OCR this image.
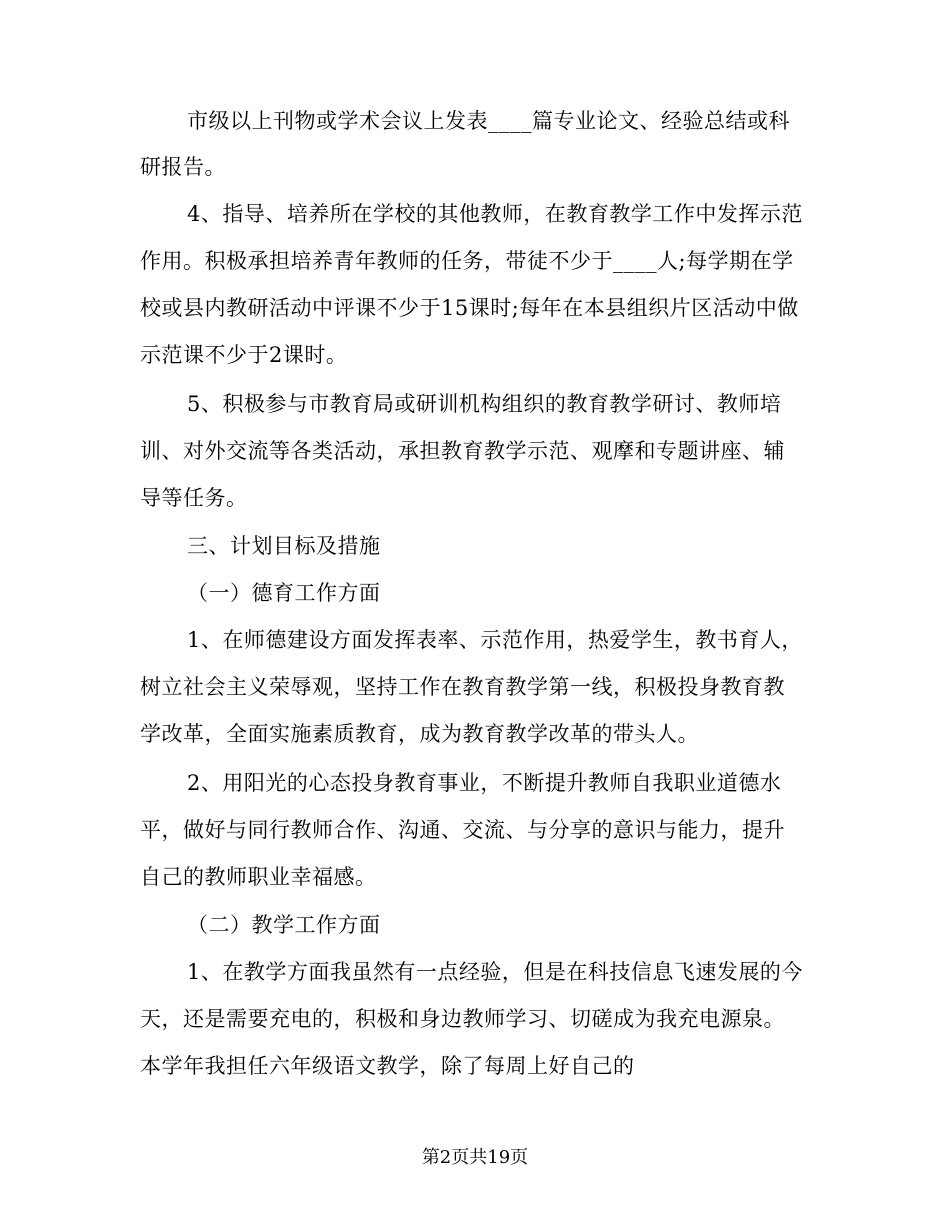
市级以上刊物或学术会议上发表____篇专业论文、经验总结或科
研报告。
4、指导、培养所在学校的其他教师，在教育教学工作中发挥示范
作用。积极承担培养青年教师的任务，带徒不少于____人;每学期在学
校或县内教研活动中评课不少于15课时;每年在本县组织片区活动中做
示范课不少于2课时。
5、积极参与市教育局或研训机构组织的教育教学研讨、教师培
训、对外交流等各类活动，承担教育教学示范、观摩和专题讲座、辅
导等任务。
三、计划目标及措施
（一）德育工作方面
1、在师德建设方面发挥表率、示范作用，热爱学生，教书育人，
树立社会主义荣辱观，坚持工作在教育教学第一线，积极投身教育教
学改革，全面实施素质教育，成为教育教学改革的带头人。
2、用阳光的心态投身教育事业，不断提升教师自我职业道德水
平，做好与同行教师合作、沟通、交流、与分享的意识与能力，提升
自己的教师职业幸福感。
（二）教学工作方面
1、在教学方面我虽然有一点经验，但是在科技信息飞速发展的今
天，还是需要充电的，积极和身边教师学习、切磋成为我充电源泉。
本学年我担任六年级语文教学，除了每周上好自己的
第2页共19页
